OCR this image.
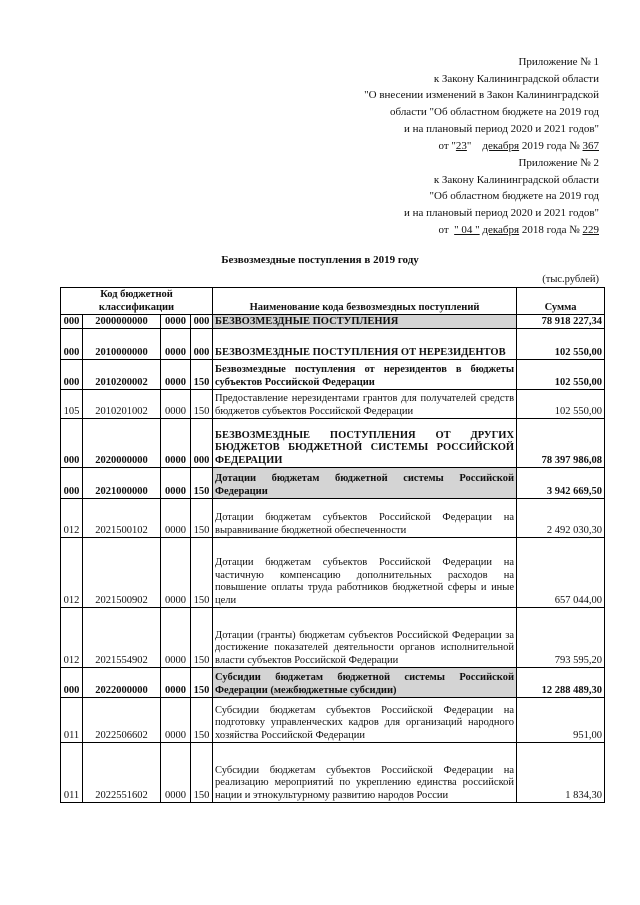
Приложение № 1
к Закону Калининградской области
"О внесении изменений в Закон Калининградской
области "Об областном бюджете на 2019 год
и на плановый период 2020 и 2021 годов"
от "23" декабря 2019 года № 367
Приложение № 2
к Закону Калининградской области
"Об областном бюджете на 2019 год
и на плановый период 2020 и 2021 годов"
от  " 04 " декабря 2018 года № 229
Безвозмездные поступления в 2019 году
(тыс.рублей)
Код бюджетной классификации				Наименование кода безвозмездных поступлений	Сумма
000	2000000000	0000	000	БЕЗВОЗМЕЗДНЫЕ ПОСТУПЛЕНИЯ	78 918 227,34
000	2010000000	0000	000	БЕЗВОЗМЕЗДНЫЕ ПОСТУПЛЕНИЯ ОТ НЕРЕЗИДЕНТОВ	102 550,00
000	2010200002	0000	150	Безвозмездные поступления от нерезидентов в бюджеты субъектов Российской Федерации	102 550,00
105	2010201002	0000	150	Предоставление нерезидентами грантов для получателей средств бюджетов субъектов Российской Федерации	102 550,00
000	2020000000	0000	000	БЕЗВОЗМЕЗДНЫЕ ПОСТУПЛЕНИЯ ОТ ДРУГИХ БЮДЖЕТОВ БЮДЖЕТНОЙ СИСТЕМЫ РОССИЙСКОЙ ФЕДЕРАЦИИ	78 397 986,08
000	2021000000	0000	150	Дотации бюджетам бюджетной системы Российской Федерации	3 942 669,50
012	2021500102	0000	150	Дотации бюджетам субъектов Российской Федерации на выравнивание бюджетной обеспеченности	2 492 030,30
012	2021500902	0000	150	Дотации бюджетам субъектов Российской Федерации на частичную компенсацию дополнительных расходов на повышение оплаты труда работников бюджетной сферы и иные цели	657 044,00
012	2021554902	0000	150	Дотации (гранты) бюджетам субъектов Российской Федерации за достижение показателей деятельности органов исполнительной власти субъектов Российской Федерации	793 595,20
000	2022000000	0000	150	Субсидии бюджетам бюджетной системы Российской Федерации (межбюджетные субсидии)	12 288 489,30
011	2022506602	0000	150	Субсидии бюджетам субъектов Российской Федерации на подготовку управленческих кадров для организаций народного хозяйства Российской Федерации	951,00
011	2022551602	0000	150	Субсидии бюджетам субъектов Российской Федерации на реализацию мероприятий по укреплению единства российской нации и этнокультурному развитию народов России	1 834,30
